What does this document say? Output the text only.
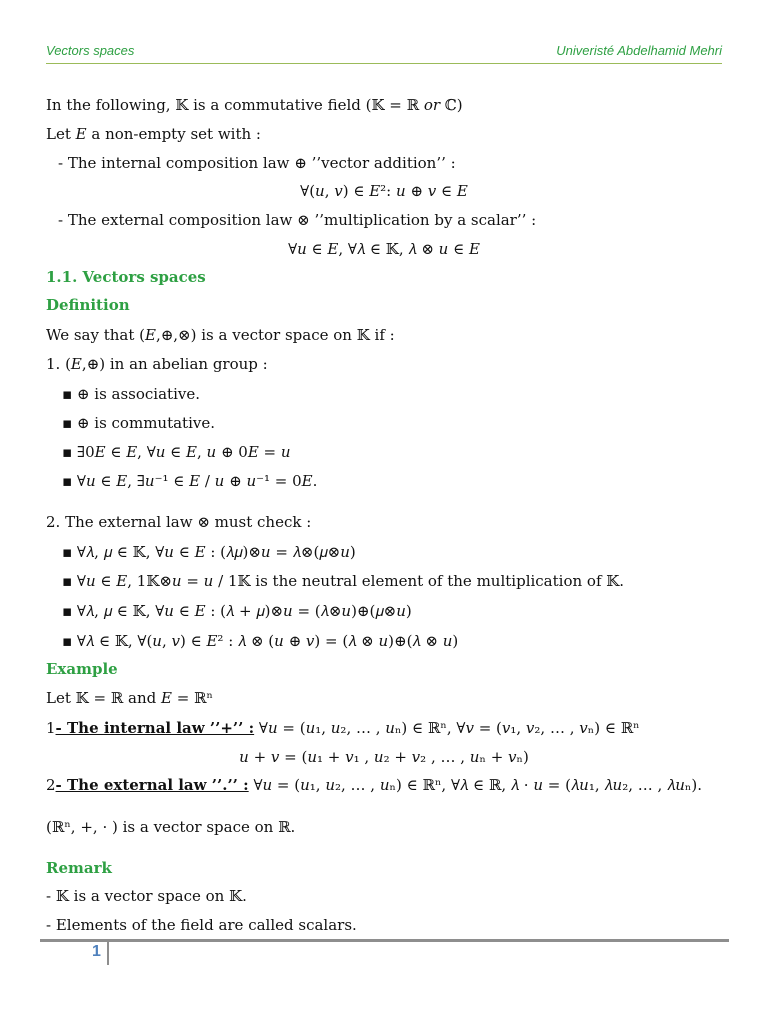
Vectors spaces	Univeristé Abdelhamid Mehri
In the following, 𝕂 is a commutative field (𝕂 = ℝ 𝑜𝑟 ℂ)
Let 𝐸 a non-empty set with :
- The internal composition law ⊕ ’’vector addition’’ :
∀(𝑢, 𝑣) ∈ 𝐸²: 𝑢 ⊕ 𝑣 ∈ 𝐸
- The external composition law ⊗ ’’multiplication by a scalar’’ :
∀𝑢 ∈ 𝐸, ∀𝜆 ∈ 𝕂, 𝜆 ⊗ 𝑢 ∈ 𝐸
1.1. Vectors spaces
Definition
We say that (𝐸,⊕,⊗) is a vector space on 𝕂 if :
1. (𝐸,⊕) in an abelian group :
▪ ⊕ is associative.
▪ ⊕ is commutative.
▪ ∃0𝐸 ∈ 𝐸, ∀𝑢 ∈ 𝐸, 𝑢 ⊕ 0𝐸 = 𝑢
▪ ∀𝑢 ∈ 𝐸, ∃𝑢⁻¹ ∈ 𝐸 / 𝑢 ⊕ 𝑢⁻¹ = 0𝐸.
2. The external law ⊗ must check :
▪ ∀𝜆, 𝜇 ∈ 𝕂, ∀𝑢 ∈ 𝐸 : (𝜆𝜇)⊗𝑢 = 𝜆⊗(𝜇⊗𝑢)
▪ ∀𝑢 ∈ 𝐸, 1𝕂⊗𝑢 = 𝑢 / 1𝕂 is the neutral element of the multiplication of 𝕂.
▪ ∀𝜆, 𝜇 ∈ 𝕂, ∀𝑢 ∈ 𝐸 : (𝜆 + 𝜇)⊗𝑢 = (𝜆⊗𝑢)⊕(𝜇⊗𝑢)
▪ ∀𝜆 ∈ 𝕂, ∀(𝑢, 𝑣) ∈ 𝐸² : 𝜆 ⊗ (𝑢 ⊕ 𝑣) = (𝜆 ⊗ 𝑢)⊕(𝜆 ⊗ 𝑢)
Example
Let 𝕂 = ℝ and 𝐸 = ℝⁿ
1- The internal law ’’+’’ : ∀𝑢 = (𝑢₁, 𝑢₂, … , 𝑢ₙ) ∈ ℝⁿ, ∀𝑣 = (𝑣₁, 𝑣₂, … , 𝑣ₙ) ∈ ℝⁿ
𝑢 + 𝑣 = (𝑢₁ + 𝑣₁ , 𝑢₂ + 𝑣₂ , … , 𝑢ₙ + 𝑣ₙ)
2- The external law ’’.’’ : ∀𝑢 = (𝑢₁, 𝑢₂, … , 𝑢ₙ) ∈ ℝⁿ, ∀𝜆 ∈ ℝ, 𝜆 · 𝑢 = (𝜆𝑢₁, 𝜆𝑢₂, … , 𝜆𝑢ₙ).
(ℝⁿ, +, · ) is a vector space on ℝ.
Remark
- 𝕂 is a vector space on 𝕂.
- Elements of the field are called scalars.
1
